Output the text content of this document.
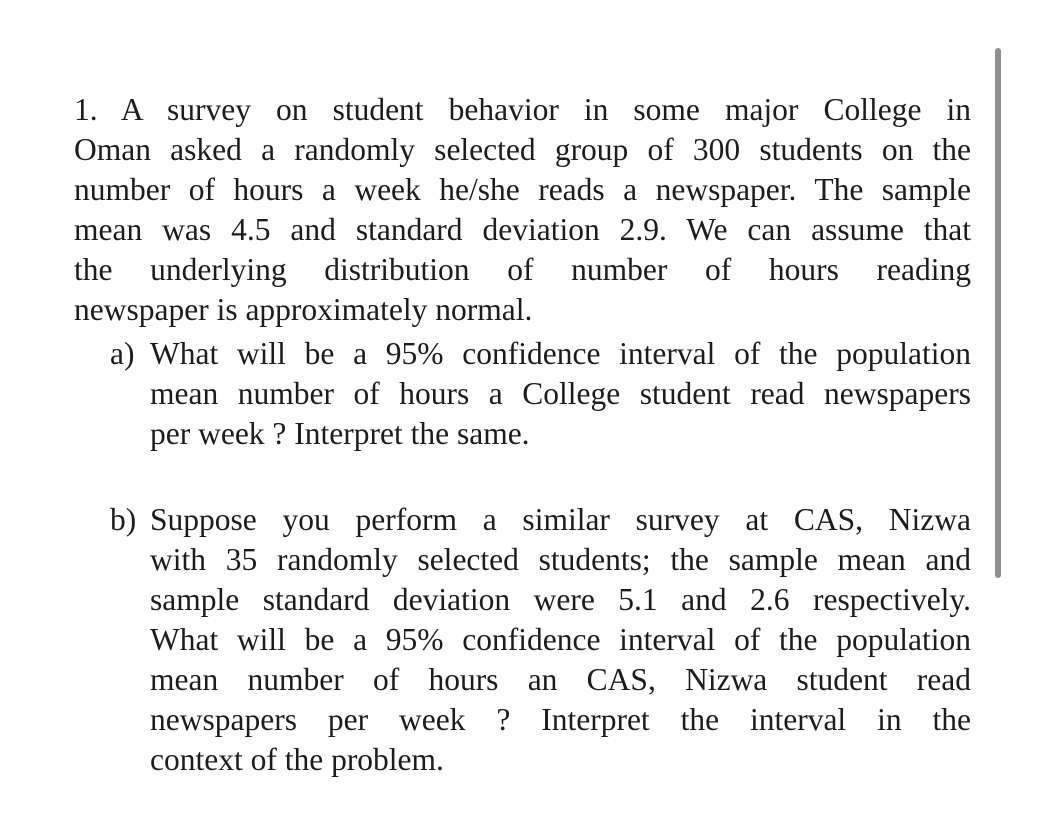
1. A survey on student behavior in some major College in
Oman asked a randomly selected group of 300 students on the
number of hours a week he/she reads a newspaper. The sample
mean was 4.5 and standard deviation 2.9. We can assume that
the underlying distribution of number of hours reading
newspaper is approximately normal.
a) What will be a 95% confidence interval of the population
mean number of hours a College student read newspapers
per week ? Interpret the same.
b) Suppose you perform a similar survey at CAS, Nizwa
with 35 randomly selected students; the sample mean and
sample standard deviation were 5.1 and 2.6 respectively.
What will be a 95% confidence interval of the population
mean number of hours an CAS, Nizwa student read
newspapers per week ? Interpret the interval in the
context of the problem.
